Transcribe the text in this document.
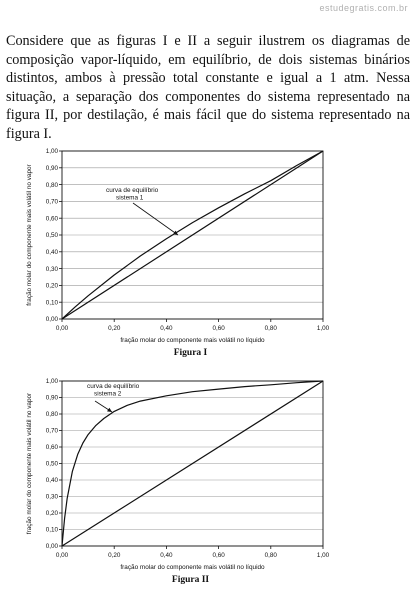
estudegratis.com.br
Considere que as figuras I e II a seguir ilustrem os diagramas de composição vapor-líquido, em equilíbrio, de dois sistemas binários distintos, ambos à pressão total constante e igual a 1 atm. Nessa situação, a separação dos componentes do sistema representado na figura II, por destilação, é mais fácil que do sistema representado na figura I.
0,00
0,10
0,20
0,30
0,40
0,50
0,60
0,70
0,80
0,90
1,00
0,00	0,20	0,40	0,60	0,80	1,00
fração molar do componente mais volátil no líquido
fração molar do componente mais volátil no vapor
Figura I
curva de equilíbrio
sistema 1
0,00
0,10
0,20
0,30
0,40
0,50
0,60
0,70
0,80
0,90
1,00
0,00	0,20	0,40	0,60	0,80	1,00
fração molar do componente mais volátil no líquido
fração molar do componente mais volátil no vapor
Figura II
curva de equilíbrio
sistema 2
